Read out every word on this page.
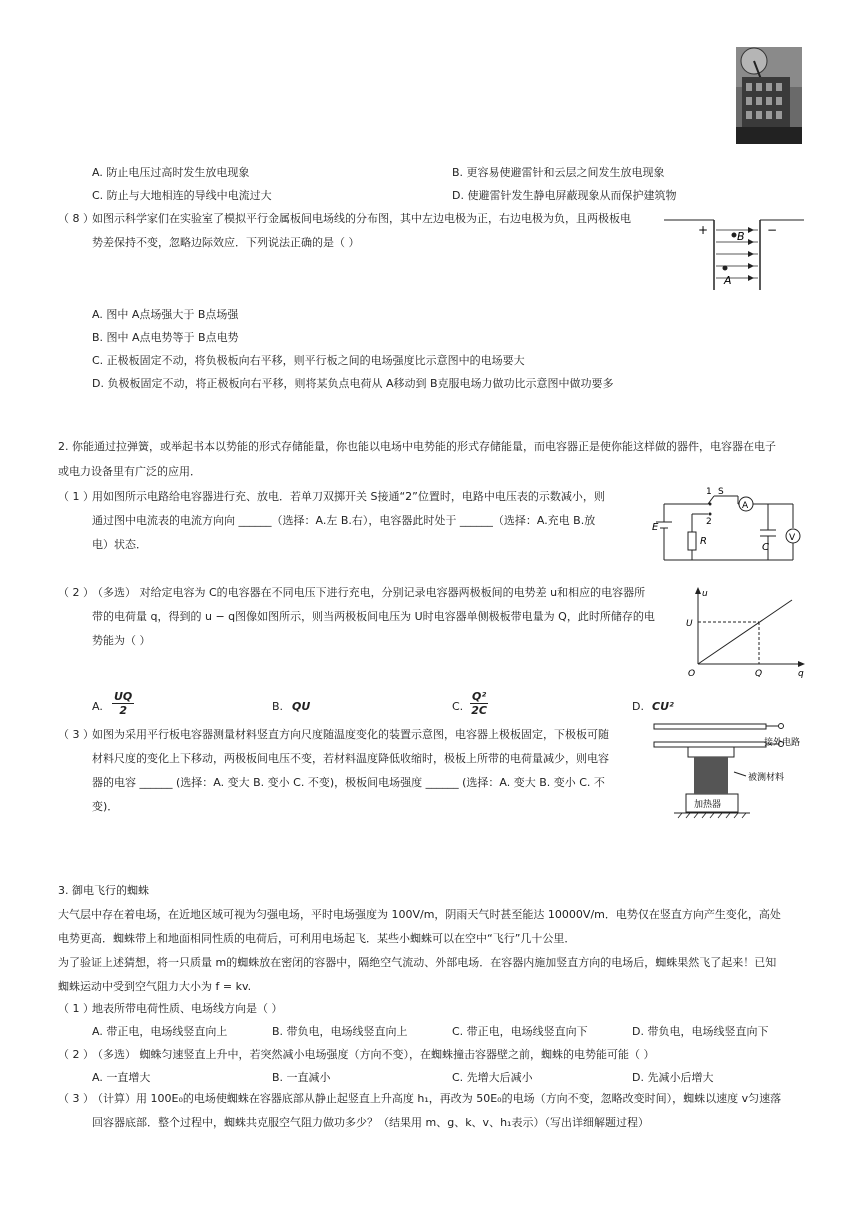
A. 防止电压过高时发生放电现象	B. 更容易使避雷针和云层之间发生放电现象
C. 防止与大地相连的导线中电流过大	D. 使避雷针发生静电屏蔽现象从而保护建筑物
（ 8 ）
如图示科学家们在实验室了模拟平行金属板间电场线的分布图，其中左边电极为正，右边电极为负，且两极板电
势差保持不变，忽略边际效应．下列说法正确的是（ ）
+	−
B
A
A. 图中 A点场强大于 B点场强
B. 图中 A点电势等于 B点电势
C. 正极板固定不动，将负极板向右平移，则平行板之间的电场强度比示意图中的电场要大
D. 负极板固定不动，将正极板向右平移，则将某负点电荷从 A移动到 B克服电场力做功比示意图中做功要多
2. 你能通过拉弹簧，或举起书本以势能的形式存储能量，你也能以电场中电势能的形式存储能量，而电容器正是使你能这样做的器件，电容器在电子
或电力设备里有广泛的应用．
（ 1 ）
用如图所示电路给电容器进行充、放电．若单刀双掷开关 S接通“2”位置时，电路中电压表的示数减小，则
通过图中电流表的电流方向向 ______（选择：A.左 B.右），电容器此时处于 ______（选择：A.充电 B.放
电）状态．
1
2
S
A
V
E
R
C
（ 2 ）
（多选） 对给定电容为 C的电容器在不同电压下进行充电，分别记录电容器两极板间的电势差 u和相应的电容器所
带的电荷量 q，得到的 u − q图像如图所示，则当两极板间电压为 U时电容器单侧极板带电量为 Q，此时所储存的电
势能为（ ）
u
U
O	Q	q
A. $\frac{UQ}{2}$	B. QU	C. $\frac{\text{Q²}}{2C}$	D. CU²
（ 3 ）
如图为采用平行板电容器测量材料竖直方向尺度随温度变化的装置示意图，电容器上极板固定，下极板可随
材料尺度的变化上下移动，两极板间电压不变，若材料温度降低收缩时，极板上所带的电荷量减少，则电容
器的电容 ______ (选择：A. 变大 B. 变小 C. 不变)，极板间电场强度 ______ (选择：A. 变大 B. 变小 C. 不
变)．
接外电路
被测材料
加热器
3. 御电飞行的蜘蛛
大气层中存在着电场，在近地区域可视为匀强电场，平时电场强度为 100V/m，阴雨天气时甚至能达 10000V/m．电势仅在竖直方向产生变化，高处
电势更高．蜘蛛带上和地面相同性质的电荷后，可利用电场起飞．某些小蜘蛛可以在空中“飞行”几十公里．
为了验证上述猜想，将一只质量 m的蜘蛛放在密闭的容器中，隔绝空气流动、外部电场．在容器内施加竖直方向的电场后，蜘蛛果然飞了起来！已知
蜘蛛运动中受到空气阻力大小为 f = kv.
（ 1 ）
地表所带电荷性质、电场线方向是（ ）
A. 带正电，电场线竖直向上	B. 带负电，电场线竖直向上	C. 带正电，电场线竖直向下	D. 带负电，电场线竖直向下
（ 2 ）
（多选） 蜘蛛匀速竖直上升中，若突然减小电场强度（方向不变），在蜘蛛撞击容器壁之前，蜘蛛的电势能可能（ ）
A. 一直增大	B. 一直减小	C. 先增大后减小	D. 先减小后增大
（ 3 ）
（计算）用 100E₀的电场使蜘蛛在容器底部从静止起竖直上升高度 h₁，再改为 50E₀的电场（方向不变，忽略改变时间），蜘蛛以速度 v匀速落
回容器底部．整个过程中，蜘蛛共克服空气阻力做功多少？（结果用 m、g、k、v、h₁表示）（写出详细解题过程）
